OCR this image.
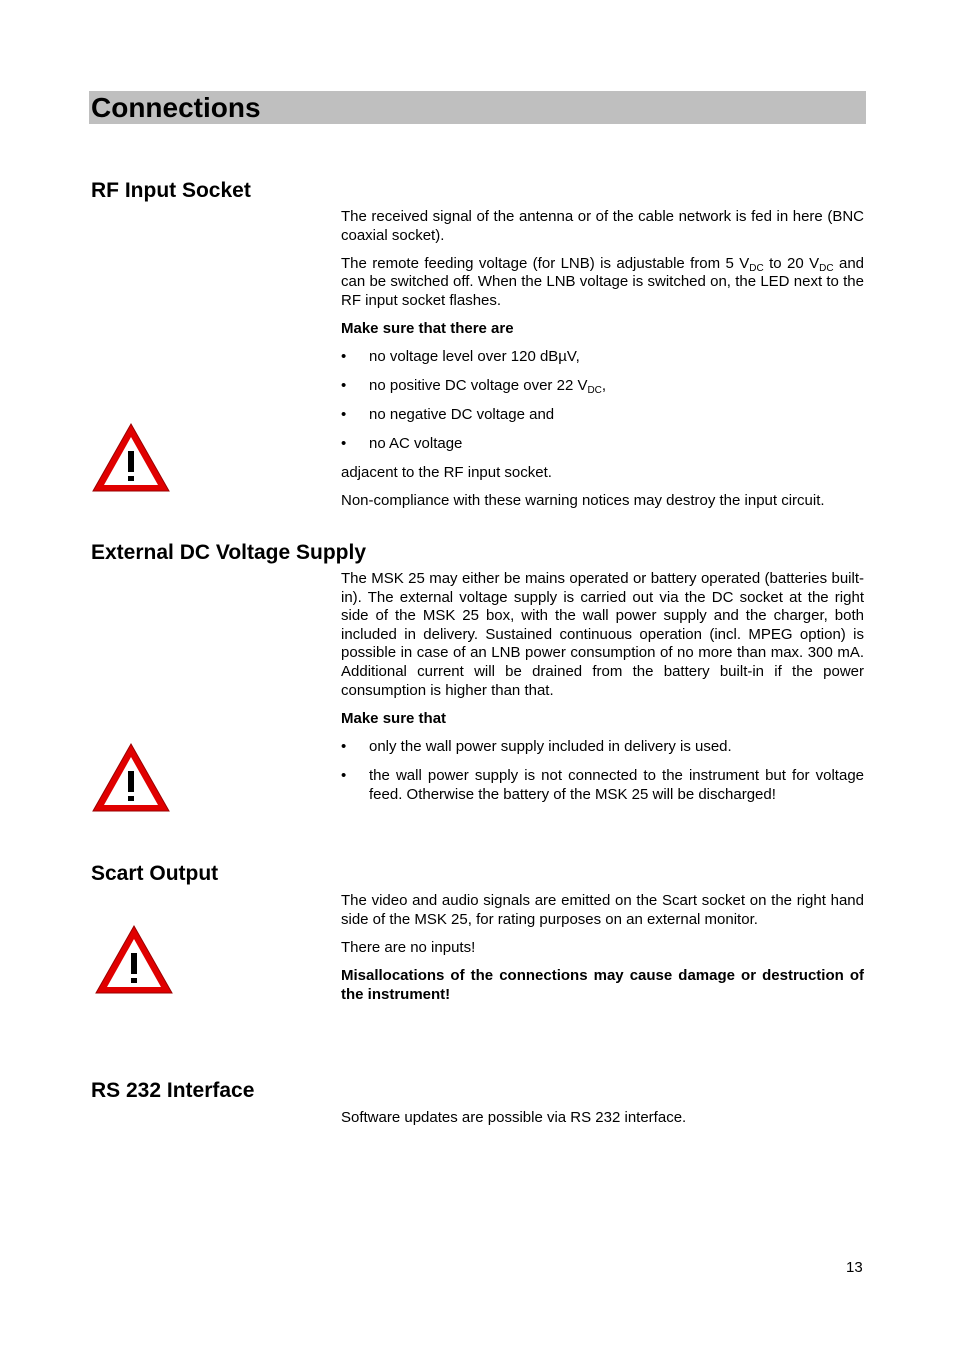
Connections
RF Input Socket

The received signal of the antenna or of the cable network is fed in here (BNC coaxial socket).

The remote feeding voltage (for LNB) is adjustable from 5 $V_{DC}$ to 20 $V_{DC}$ and can be switched off. When the LNB voltage is switched on, the LED next to the RF input socket flashes.

Make sure that there are

• no voltage level over 120 dBµV,
• no positive DC voltage over 22 $V_{DC}$,
• no negative DC voltage and
• no AC voltage

adjacent to the RF input socket.

Non-compliance with these warning notices may destroy the input circuit.

External DC Voltage Supply

The MSK 25 may either be mains operated or battery operated (batteries built-in). The external voltage supply is carried out via the DC socket at the right side of the MSK 25 box, with the wall power supply and the charger, both included in delivery. Sustained continuous operation (incl. MPEG option) is possible in case of an LNB power consumption of no more than max. 300 mA. Additional current will be drained from the battery built-in if the power consumption is higher than that.

Make sure that

• only the wall power supply included in delivery is used.
• the wall power supply is not connected to the instrument but for voltage feed. Otherwise the battery of the MSK 25 will be discharged!
Scart Output

The video and audio signals are emitted on the Scart socket on the right hand side of the MSK 25, for rating purposes on an external monitor.

There are no inputs!

Misallocations of the connections may cause damage or destruction of the instrument!

RS 232 Interface

Software updates are possible via RS 232 interface.

13
